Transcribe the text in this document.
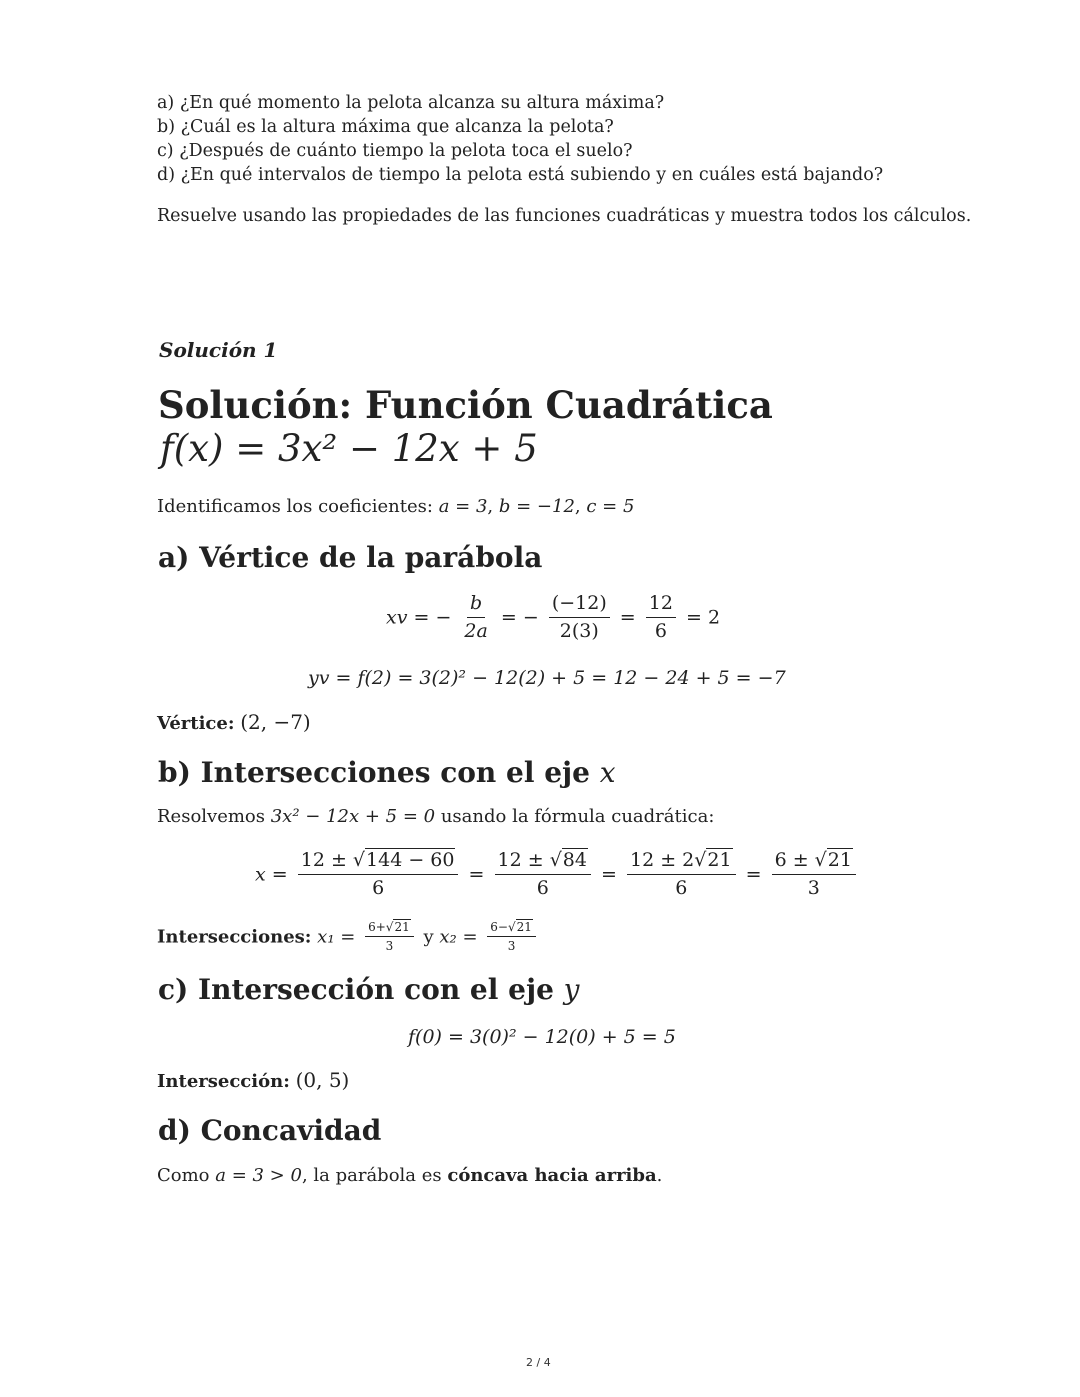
a) ¿En qué momento la pelota alcanza su altura máxima?
b) ¿Cuál es la altura máxima que alcanza la pelota?
c) ¿Después de cuánto tiempo la pelota toca el suelo?
d) ¿En qué intervalos de tiempo la pelota está subiendo y en cuáles está bajando?
Resuelve usando las propiedades de las funciones cuadráticas y muestra todos los cálculos.
Solución 1
Solución: Función Cuadrática
f(x) = 3x² − 12x + 5
Identificamos los coeficientes: a = 3, b = −12, c = 5
a) Vértice de la parábola
xv = − $\frac{b}{2a}$ = − $\frac{(-12)}{2(3)} = \frac{12}{6} = 2$
yv = f(2) = 3(2)² − 12(2) + 5 = 12 − 24 + 5 = −7
Vértice: (2, −7)
b) Intersecciones con el eje x
Resolvemos 3x² − 12x + 5 = 0 usando la fórmula cuadrática:
$x = \frac{12 \pm √144 - 60}{6} = \frac{12 \pm √84}{6} = \frac{12 \pm 2√21}{6} = \frac{6 \pm √21}{3}$
Intersecciones: $x_1 = \frac{6+√21}{3}$ y $x_2 = \frac{6-√21}{3}$
c) Intersección con el eje y
f(0) = 3(0)² − 12(0) + 5 = 5
Intersección: (0, 5)
d) Concavidad
Como a = 3 > 0, la parábola es cóncava hacia arriba.
2 / 4
